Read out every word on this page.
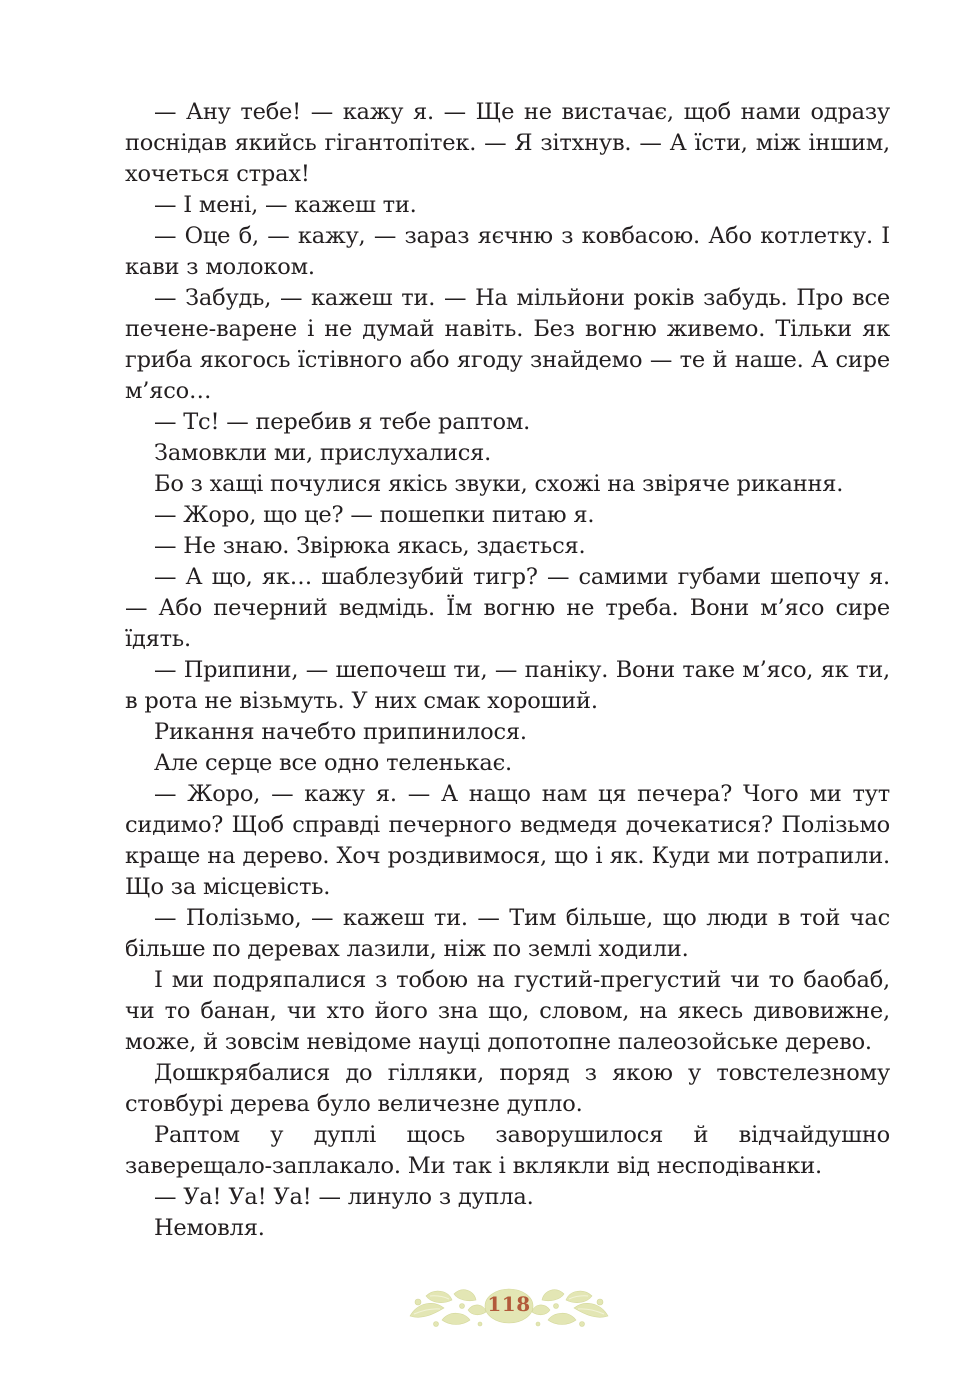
— Ану тебе! — кажу я. — Ще не вистачає, щоб нами одразу поснідав якийсь гігантопітек. — Я зітхнув. — А їсти, між іншим, хочеться страх!

— І мені, — кажеш ти.

— Оце б, — кажу, — зараз яєчню з ковбасою. Або котлетку. І кави з молоком.

— Забудь, — кажеш ти. — На мільйони років забудь. Про все печене-варене і не думай навіть. Без вогню живемо. Тільки як гриба якогось їстівного або ягоду знайдемо — те й наше. А сире м’ясо…

— Тс! — перебив я тебе раптом.

Замовкли ми, прислухалися.

Бо з хащі почулися якісь звуки, схожі на звіряче рикання.

— Жоро, що це? — пошепки питаю я.

— Не знаю. Звірюка якась, здається.

— А що, як… шаблезубий тигр? — самими губами шепочу я. — Або печерний ведмідь. Їм вогню не треба. Вони м’ясо сире їдять.

— Припини, — шепочеш ти, — паніку. Вони таке м’ясо, як ти, в рота не візьмуть. У них смак хороший.

Рикання начебто припинилося.

Але серце все одно теленькає.

— Жоро, — кажу я. — А нащо нам ця печера? Чого ми тут сидимо? Щоб справді печерного ведмедя дочекатися? Полізьмо краще на дерево. Хоч роздивимося, що і як. Куди ми потрапили. Що за місцевість.

— Полізьмо, — кажеш ти. — Тим більше, що люди в той час більше по деревах лазили, ніж по землі ходили.

І ми подряпалися з тобою на густий-прегустий чи то баобаб, чи то банан, чи хто його зна що, словом, на якесь дивовижне, може, й зовсім невідоме науці допотопне палеозойське дерево.

Дошкрябалися до гілляки, поряд з якою у товстелезному стовбурі дерева було величезне дупло.

Раптом у дуплі щось заворушилося й відчайдушно заверещало-заплакало. Ми так і вклякли від несподіванки.

— Уа! Уа! Уа! — линуло з дупла.

Немовля.

118
